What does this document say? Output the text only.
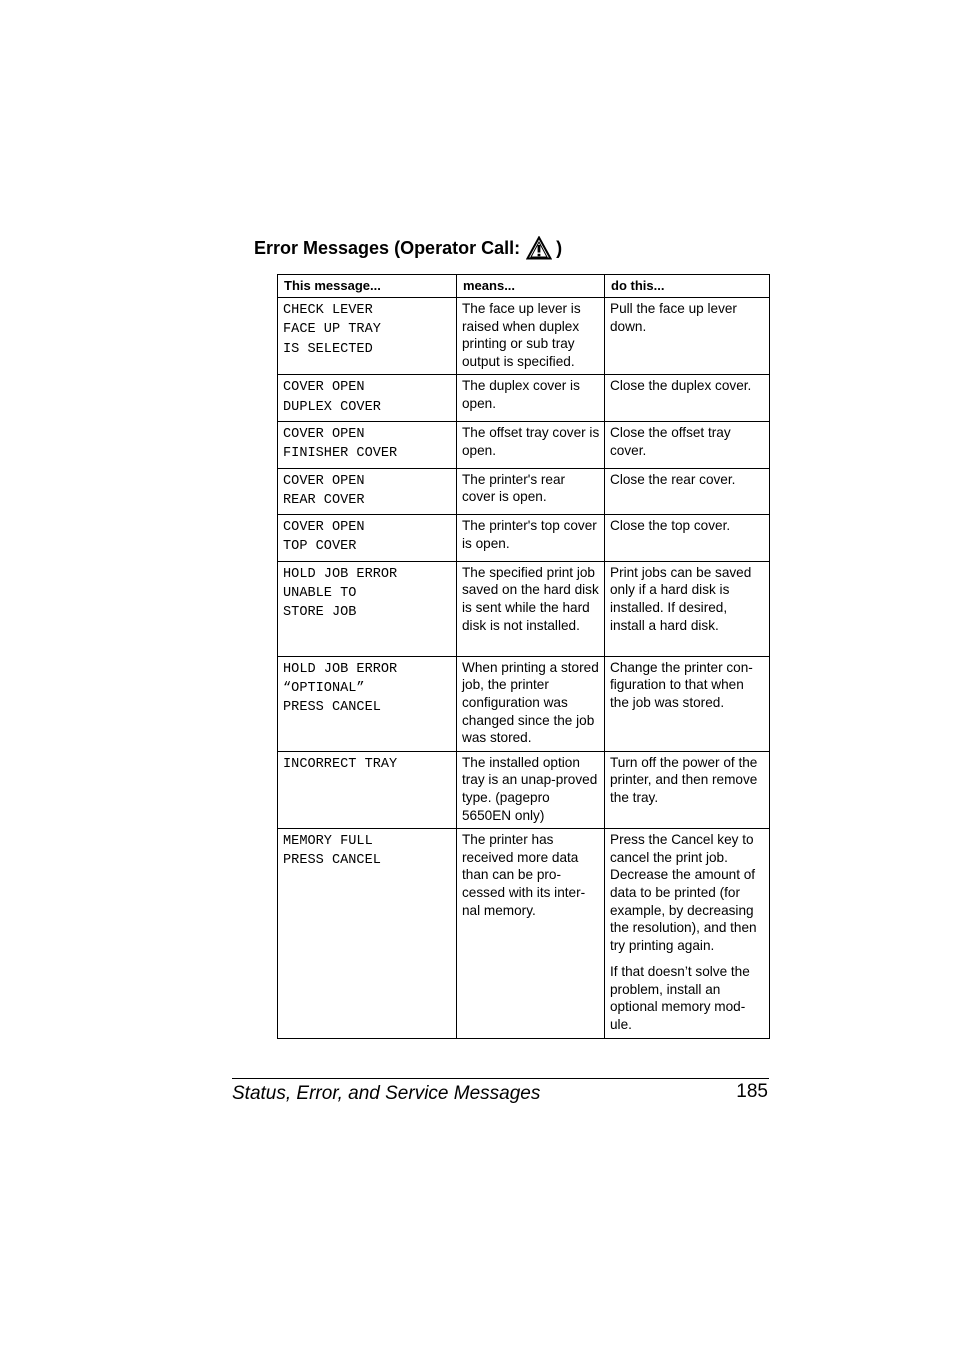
Error Messages (Operator Call: )
This message...	means...	do this...

CHECK LEVER
FACE UP TRAY
IS SELECTED	The face up lever is raised when duplex printing or sub tray output is specified.	Pull the face up lever down.

COVER OPEN
DUPLEX COVER	The duplex cover is open.	Close the duplex cover.

COVER OPEN
FINISHER COVER	The offset tray cover is open.	Close the offset tray cover.

COVER OPEN
REAR COVER	The printer's rear cover is open.	Close the rear cover.

COVER OPEN
TOP COVER	The printer's top cover is open.	Close the top cover.

HOLD JOB ERROR
UNABLE TO
STORE JOB	The specified print job saved on the hard disk is sent while the hard disk is not installed.	Print jobs can be saved only if a hard disk is installed. If desired, install a hard disk.

HOLD JOB ERROR
“OPTIONAL”
PRESS CANCEL	When printing a stored job, the printer configuration was changed since the job was stored.	Change the printer con-figuration to that when the job was stored.

INCORRECT TRAY	The installed option tray is an unap-proved type. (pagepro 5650EN only)	Turn off the power of the printer, and then remove the tray.

MEMORY FULL
PRESS CANCEL	The printer has received more data than can be pro-cessed with its inter-nal memory.	Press the Cancel key to cancel the print job. Decrease the amount of data to be printed (for example, by decreasing the resolution), and then try printing again.
If that doesn’t solve the problem, install an optional memory mod-ule.
Status, Error, and Service Messages	185
